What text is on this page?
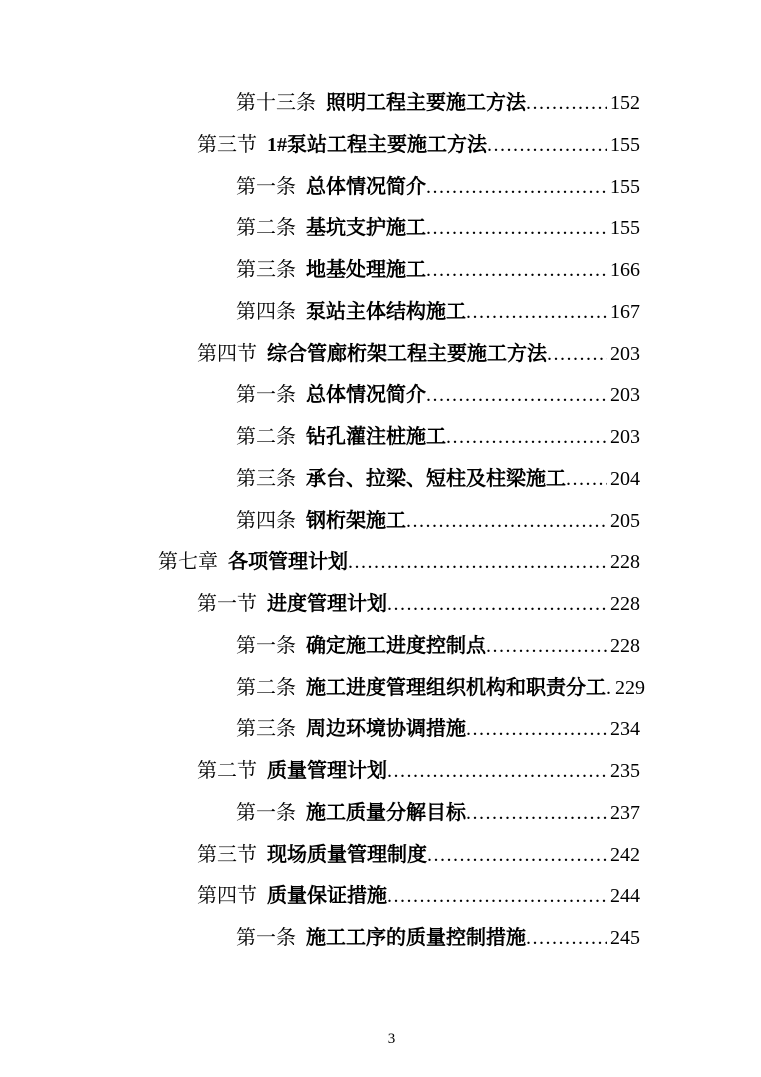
第十三条 照明工程主要施工方法 .....	152
第三节 1#泵站工程主要施工方法 .....	155
第一条 总体情况简介 .....	155
第二条 基坑支护施工 .....	155
第三条 地基处理施工 .....	166
第四条 泵站主体结构施工 .....	167
第四节 综合管廊桁架工程主要施工方法 .....	203
第一条 总体情况简介 .....	203
第二条 钻孔灌注桩施工 .....	203
第三条 承台、拉梁、短柱及柱梁施工 ..... 204
第四条 钢桁架施工 .....	205
第七章 各项管理计划 .....	228
第一节 进度管理计划 .....	228
第一条 确定施工进度控制点 .....	228
第二条 施工进度管理组织机构和职责分工 ..... 229
第三条 周边环境协调措施 .....	234
第二节 质量管理计划 .....	235
第一条 施工质量分解目标 .....	237
第三节 现场质量管理制度 .....	242
第四节 质量保证措施 .....	244
第一条 施工工序的质量控制措施 .....	245
3
